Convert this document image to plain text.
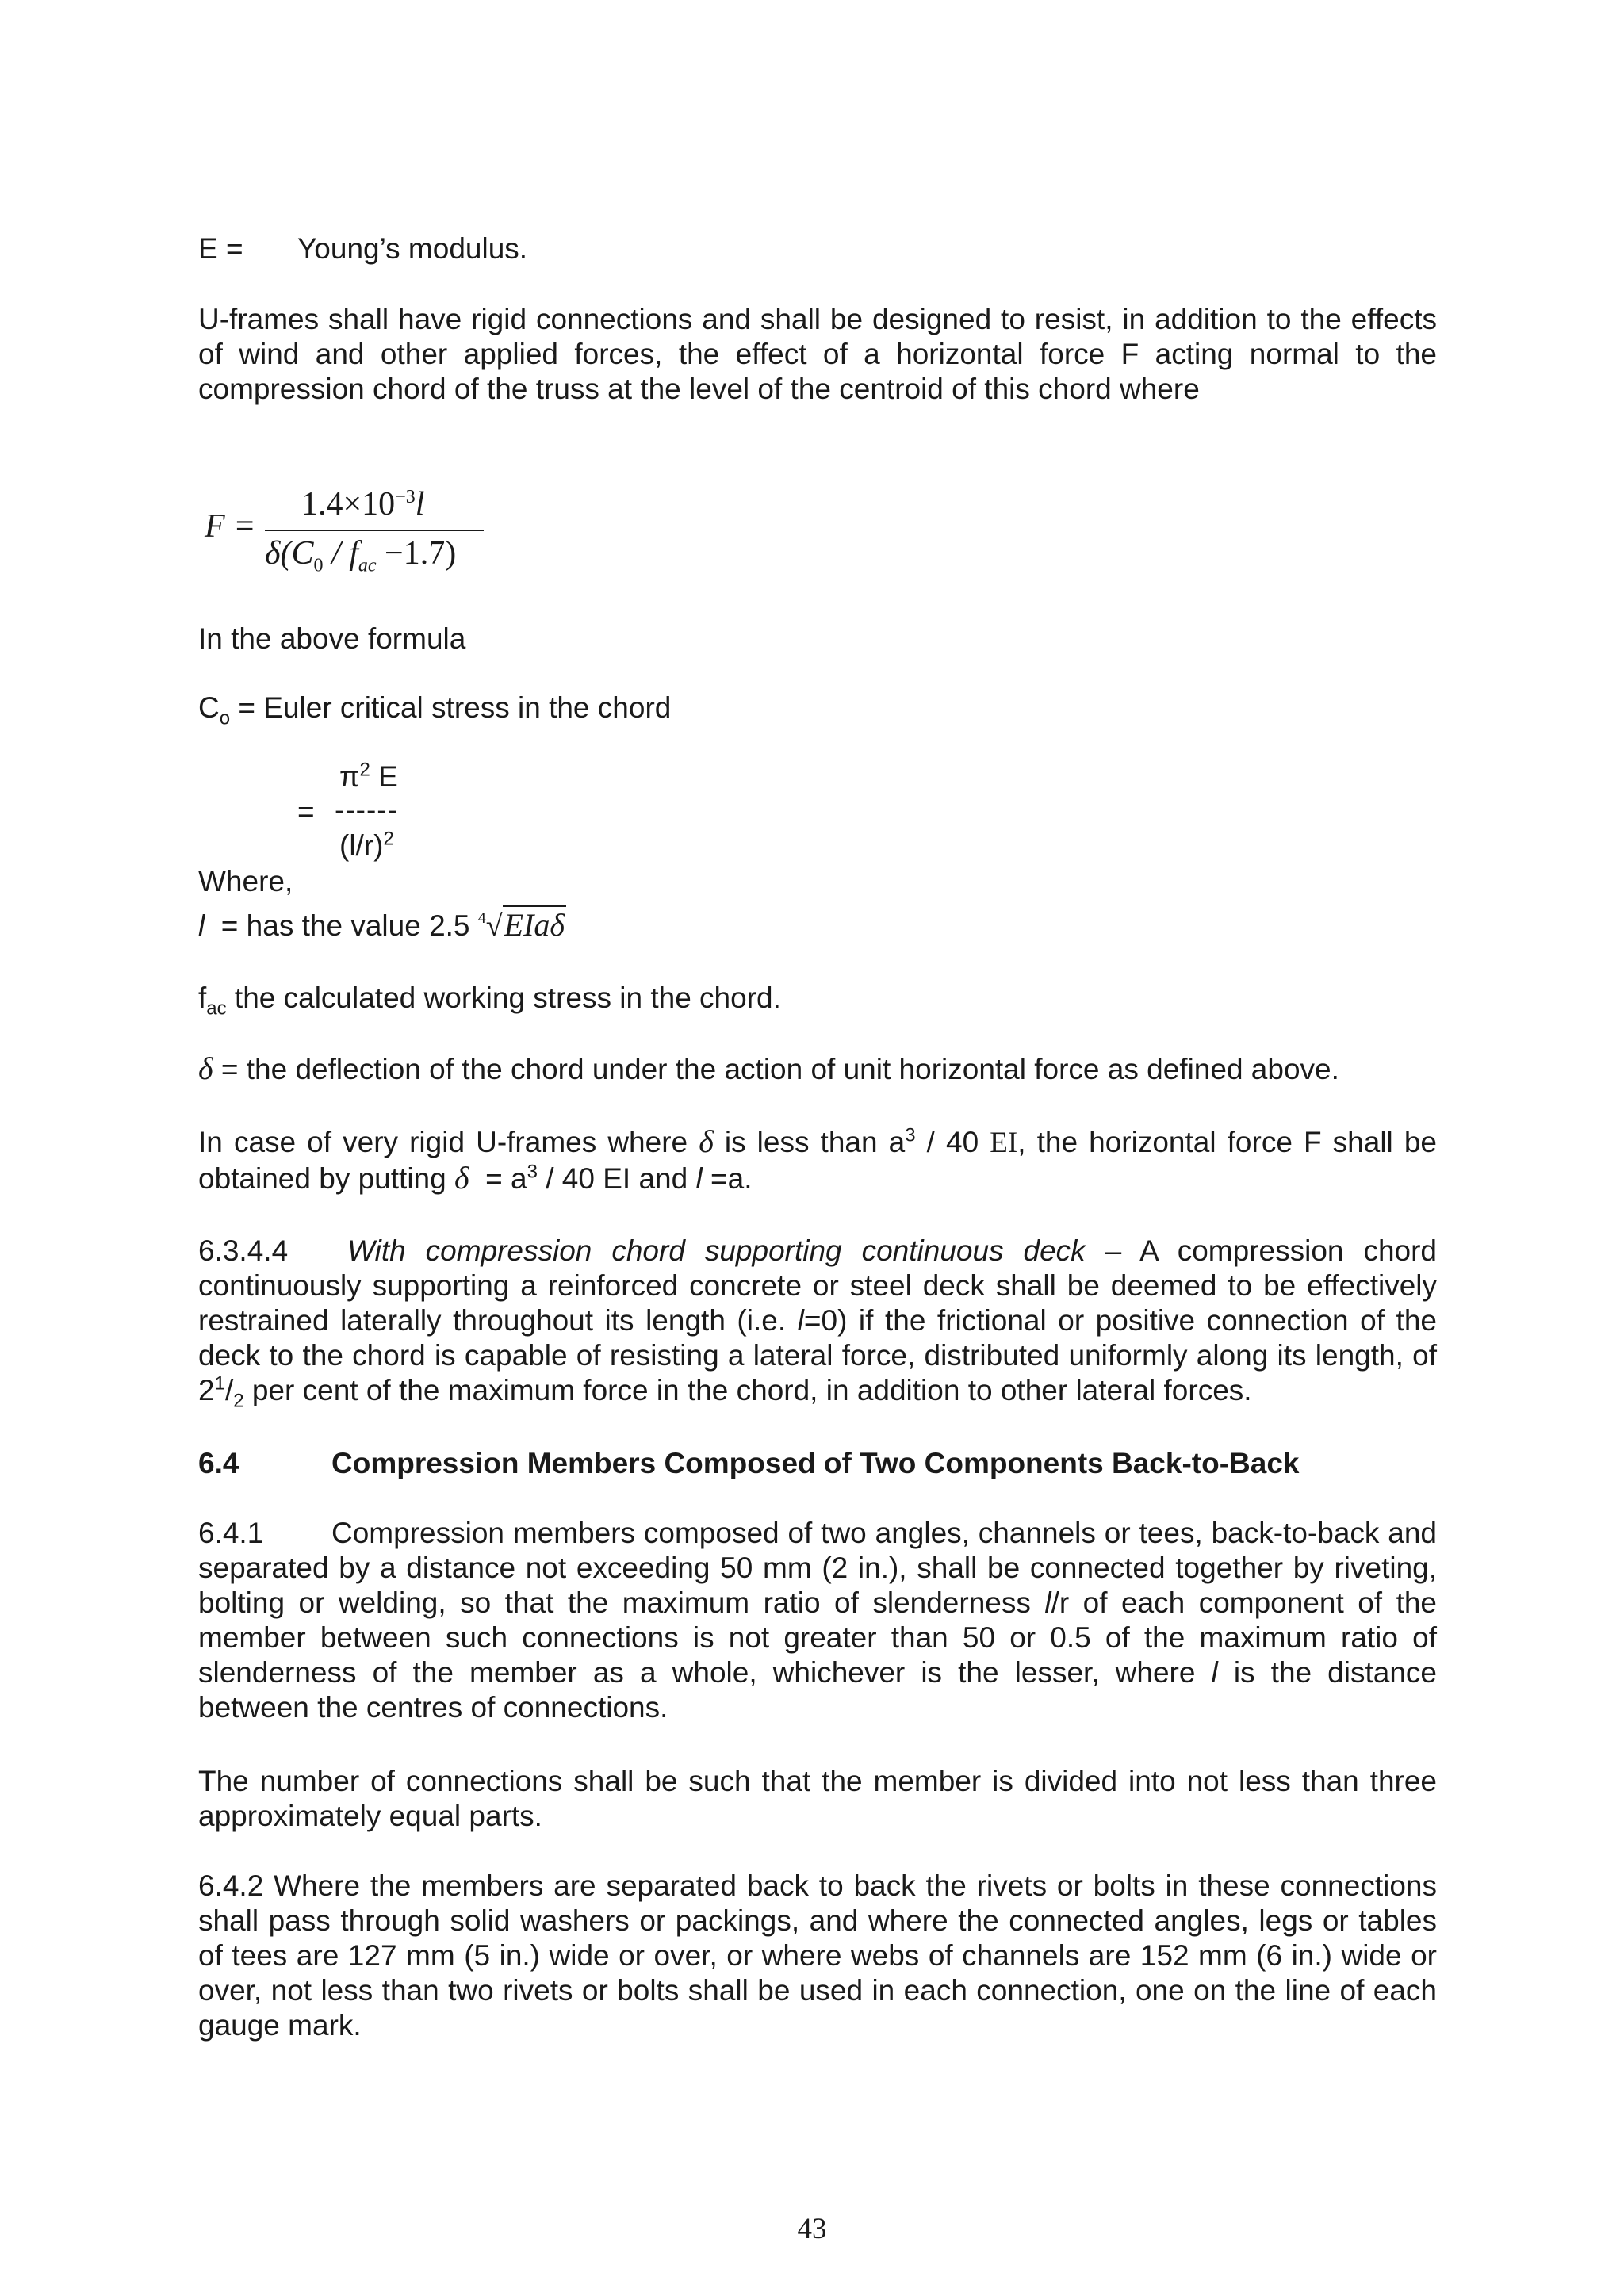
E = Young’s modulus.
U-frames shall have rigid connections and shall be designed to resist, in addition to the effects of wind and other applied forces, the effect of a horizontal force F acting normal to the compression chord of the truss at the level of the centroid of this chord where
F =
$1.4\times 10^{-3}l$
$\delta(C_0 / f_{ac} -1.7)$
In the above formula
$C_o$ = Euler critical stress in the chord
$\pi^2$ E
= ------
$(l/r)^2$
Where,
l  = has the value 2.5 $^4$√EIaδ
$f_{ac}$ the calculated working stress in the chord.
δ = the deflection of the chord under the action of unit horizontal force as defined above.
In case of very rigid U-frames where δ is less than $a^3 / 40$ EI, the horizontal force F shall be obtained by putting $\delta = a^3 / 40$ EI and l =a.
6.3.4.4 With compression chord supporting continuous deck – A compression chord continuously supporting a reinforced concrete or steel deck shall be deemed to be effectively restrained laterally throughout its length (i.e. l=0) if the frictional or positive connection of the deck to the chord is capable of resisting a lateral force, distributed uniformly along its length, of $2^1/_2$ per cent of the maximum force in the chord, in addition to other lateral forces.
6.4	Compression Members Composed of Two Components Back-to-Back
6.4.1 Compression members composed of two angles, channels or tees, back-to-back and separated by a distance not exceeding 50 mm (2 in.), shall be connected together by riveting, bolting or welding, so that the maximum ratio of slenderness l/r of each component of the member between such connections is not greater than 50 or 0.5 of the maximum ratio of slenderness of the member as a whole, whichever is the lesser, where l is the distance between the centres of connections.
The number of connections shall be such that the member is divided into not less than three approximately equal parts.
6.4.2 Where the members are separated back to back the rivets or bolts in these connections shall pass through solid washers or packings, and where the connected angles, legs or tables of tees are 127 mm (5 in.) wide or over, or where webs of channels are 152 mm (6 in.) wide or over, not less than two rivets or bolts shall be used in each connection, one on the line of each gauge mark.
43
